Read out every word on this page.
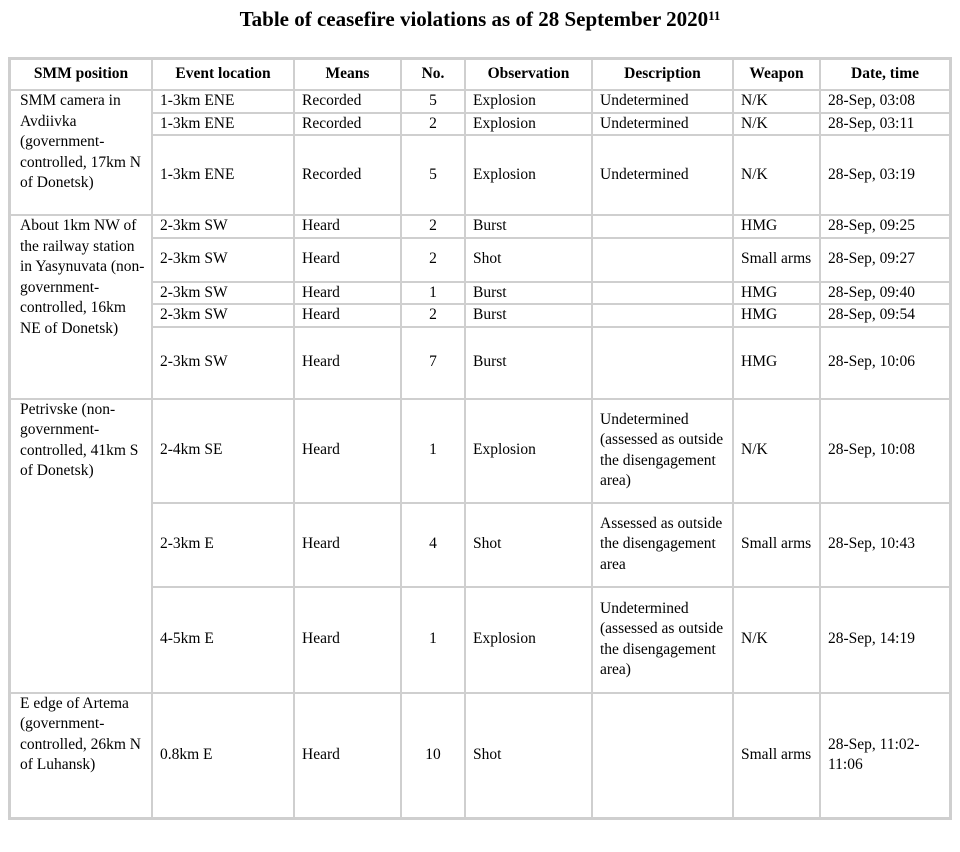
Table of ceasefire violations as of 28 September 2020$^{11}$
SMM position	Event location	Means	No.	Observation	Description	Weapon	Date, time
SMM camera in Avdiivka (government-controlled, 17km N of Donetsk)	1-3km ENE	Recorded	5	Explosion	Undetermined	N/K	28-Sep, 03:08
	1-3km ENE	Recorded	2	Explosion	Undetermined	N/K	28-Sep, 03:11
	1-3km ENE	Recorded	5	Explosion	Undetermined	N/K	28-Sep, 03:19
About 1km NW of the railway station in Yasynuvata (non-government-controlled, 16km NE of Donetsk)	2-3km SW	Heard	2	Burst		HMG	28-Sep, 09:25
	2-3km SW	Heard	2	Shot		Small arms	28-Sep, 09:27
	2-3km SW	Heard	1	Burst		HMG	28-Sep, 09:40
	2-3km SW	Heard	2	Burst		HMG	28-Sep, 09:54
	2-3km SW	Heard	7	Burst		HMG	28-Sep, 10:06
Petrivske (non-government-controlled, 41km S of Donetsk)	2-4km SE	Heard	1	Explosion	Undetermined (assessed as outside the disengagement area)	N/K	28-Sep, 10:08
	2-3km E	Heard	4	Shot	Assessed as outside the disengagement area	Small arms	28-Sep, 10:43
	4-5km E	Heard	1	Explosion	Undetermined (assessed as outside the disengagement area)	N/K	28-Sep, 14:19
E edge of Artema (government-controlled, 26km N of Luhansk)	0.8km E	Heard	10	Shot		Small arms	28-Sep, 11:02-11:06
